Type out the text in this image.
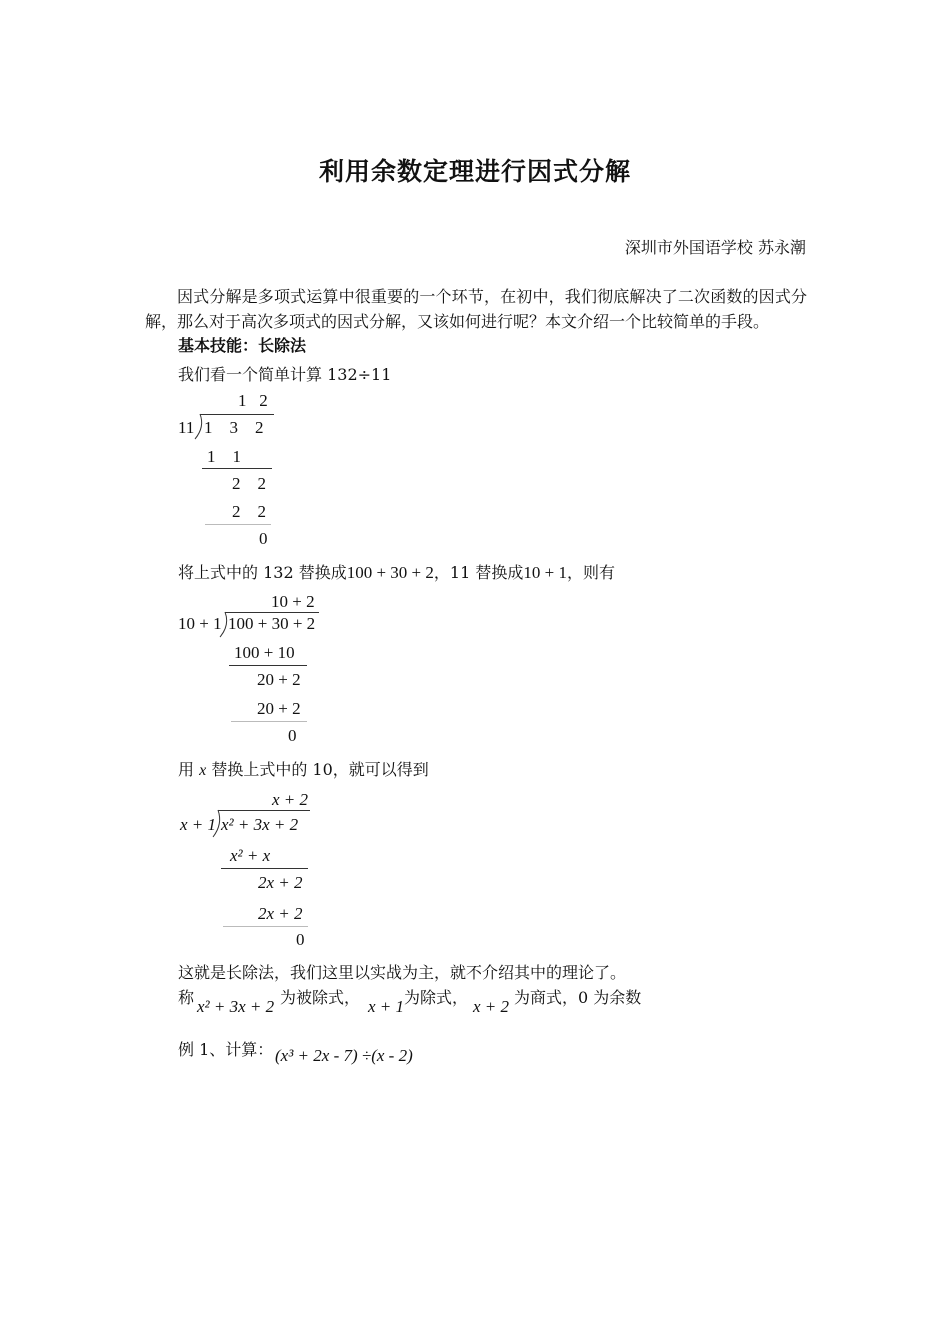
利用余数定理进行因式分解
深圳市外国语学校 苏永潮
因式分解是多项式运算中很重要的一个环节，在初中，我们彻底解决了二次函数的因式分解，那么对于高次多项式的因式分解，又该如何进行呢？本文介绍一个比较简单的手段。
基本技能：长除法
我们看一个简单计算 132÷11
1   2
11 1    3    2
1    1
2    2
2    2
0
将上式中的 132 替换成100 + 30 + 2，11 替换成10 + 1，则有
10 + 2
10 + 1 100 + 30 + 2
100 + 10
20 + 2
20 + 2
0
用 x 替换上式中的 10，就可以得到
x + 2
x + 1 x² + 3x + 2
x² + x
2x + 2
2x + 2
0
这就是长除法，我们这里以实战为主，就不介绍其中的理论了。
称 x² + 3x + 2 为被除式， x + 1 为除式， x + 2 为商式，0 为余数
例 1、计算： (x³ + 2x - 7) ÷(x - 2)
